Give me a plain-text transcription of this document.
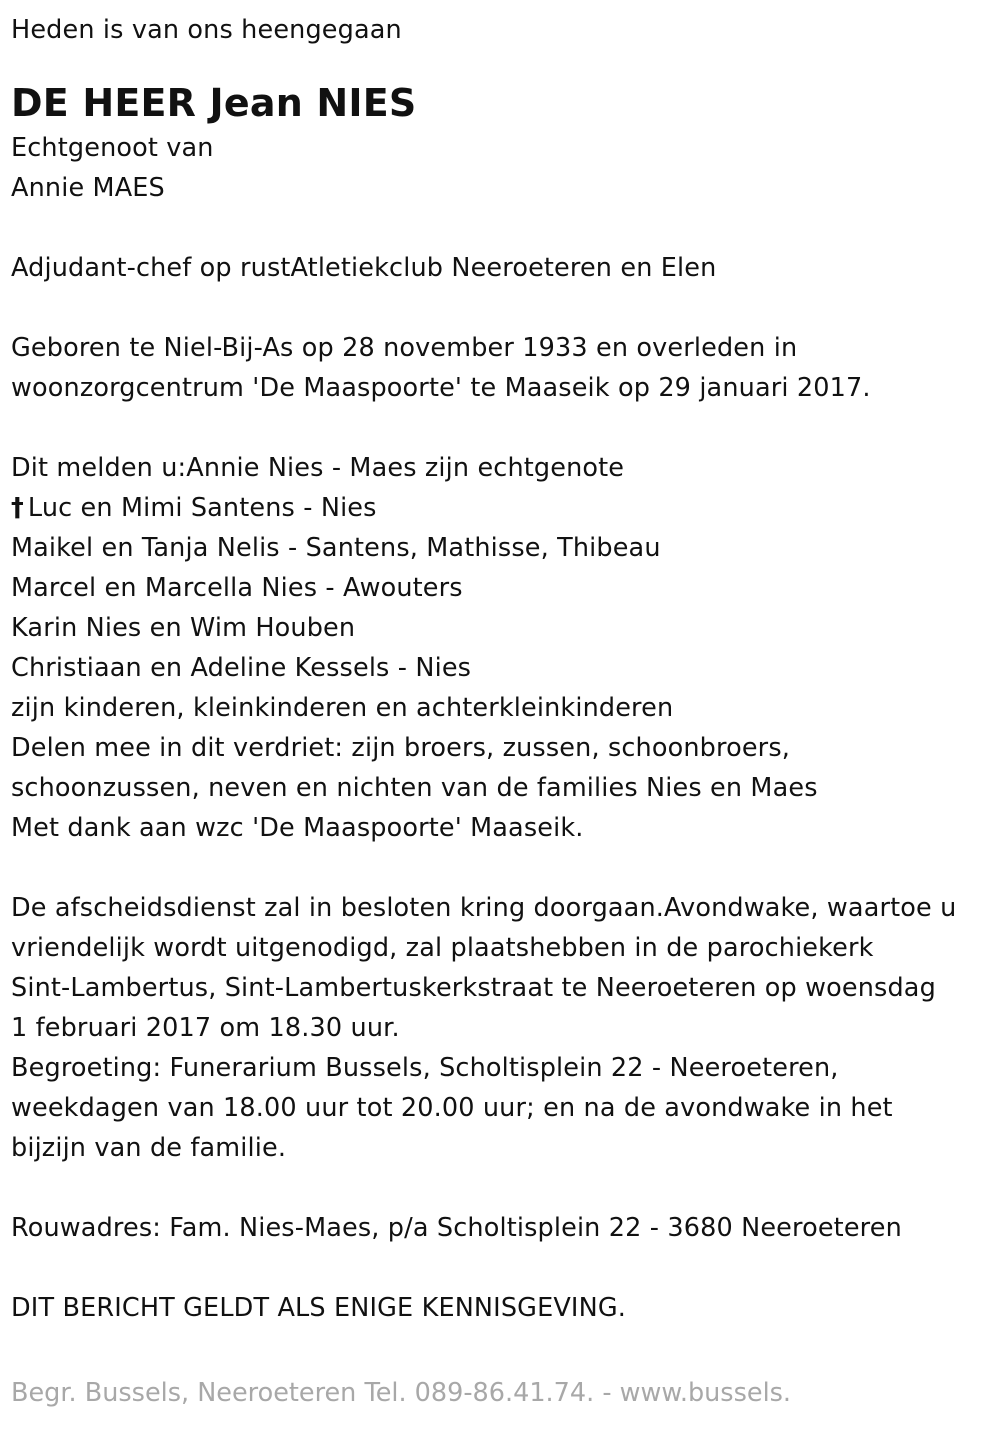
Heden is van ons heengegaan
DE HEER Jean NIES
Echtgenoot van
Annie MAES
Adjudant-chef op rustAtletiekclub Neeroeteren en Elen
Geboren te Niel-Bij-As op 28 november 1933 en overleden in
woonzorgcentrum 'De Maaspoorte' te Maaseik op 29 januari 2017.
Dit melden u:Annie Nies - Maes zijn echtgenote
† Luc en Mimi Santens - Nies
Maikel en Tanja Nelis - Santens, Mathisse, Thibeau
Marcel en Marcella Nies - Awouters
Karin Nies en Wim Houben
Christiaan en Adeline Kessels - Nies
zijn kinderen, kleinkinderen en achterkleinkinderen
Delen mee in dit verdriet: zijn broers, zussen, schoonbroers,
schoonzussen, neven en nichten van de families Nies en Maes
Met dank aan wzc 'De Maaspoorte' Maaseik.
De afscheidsdienst zal in besloten kring doorgaan.Avondwake, waartoe u
vriendelijk wordt uitgenodigd, zal plaatshebben in de parochiekerk
Sint-Lambertus, Sint-Lambertuskerkstraat te Neeroeteren op woensdag
1 februari 2017 om 18.30 uur.
Begroeting: Funerarium Bussels, Scholtisplein 22 - Neeroeteren,
weekdagen van 18.00 uur tot 20.00 uur; en na de avondwake in het
bijzijn van de familie.
Rouwadres: Fam. Nies-Maes, p/a Scholtisplein 22 - 3680 Neeroeteren
DIT BERICHT GELDT ALS ENIGE KENNISGEVING.
Begr. Bussels, Neeroeteren Tel. 089-86.41.74. - www.bussels.
